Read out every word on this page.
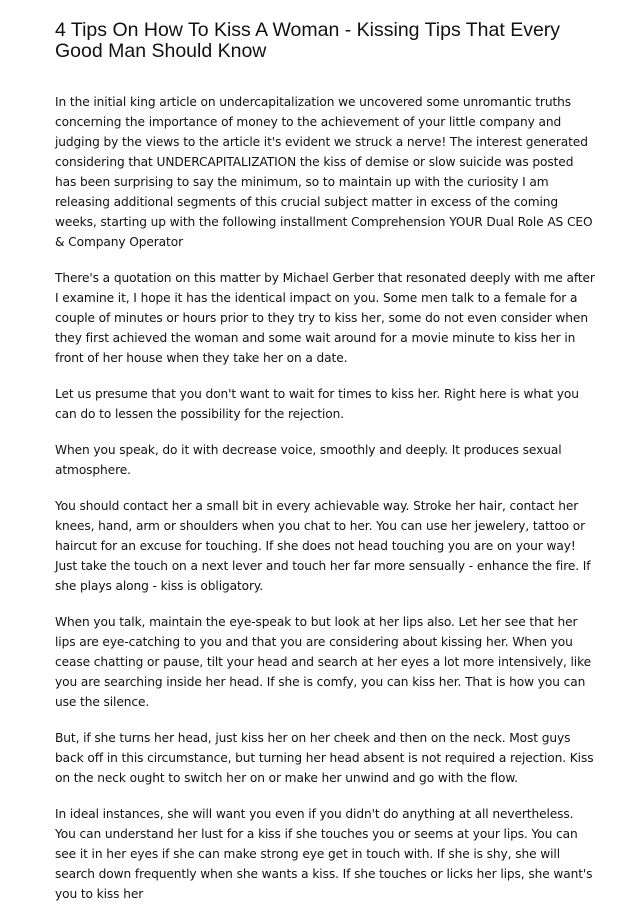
4 Tips On How To Kiss A Woman - Kissing Tips That Every Good Man Should Know

In the initial king article on undercapitalization we uncovered some unromantic truths concerning the importance of money to the achievement of your little company and judging by the views to the article it's evident we struck a nerve! The interest generated considering that UNDERCAPITALIZATION the kiss of demise or slow suicide was posted has been surprising to say the minimum, so to maintain up with the curiosity I am releasing additional segments of this crucial subject matter in excess of the coming weeks, starting up with the following installment Comprehension YOUR Dual Role AS CEO & Company Operator

There's a quotation on this matter by Michael Gerber that resonated deeply with me after I examine it, I hope it has the identical impact on you. Some men talk to a female for a couple of minutes or hours prior to they try to kiss her, some do not even consider when they first achieved the woman and some wait around for a movie minute to kiss her in front of her house when they take her on a date.

Let us presume that you don't want to wait for times to kiss her. Right here is what you can do to lessen the possibility for the rejection.

When you speak, do it with decrease voice, smoothly and deeply. It produces sexual atmosphere.

You should contact her a small bit in every achievable way. Stroke her hair, contact her knees, hand, arm or shoulders when you chat to her. You can use her jewelery, tattoo or haircut for an excuse for touching. If she does not head touching you are on your way! Just take the touch on a next lever and touch her far more sensually - enhance the fire. If she plays along - kiss is obligatory.

When you talk, maintain the eye-speak to but look at her lips also. Let her see that her lips are eye-catching to you and that you are considering about kissing her. When you cease chatting or pause, tilt your head and search at her eyes a lot more intensively, like you are searching inside her head. If she is comfy, you can kiss her. That is how you can use the silence.

But, if she turns her head, just kiss her on her cheek and then on the neck. Most guys back off in this circumstance, but turning her head absent is not required a rejection. Kiss on the neck ought to switch her on or make her unwind and go with the flow.

In ideal instances, she will want you even if you didn't do anything at all nevertheless. You can understand her lust for a kiss if she touches you or seems at your lips. You can see it in her eyes if she can make strong eye get in touch with. If she is shy, she will search down frequently when she wants a kiss. If she touches or licks her lips, she want's you to kiss her
